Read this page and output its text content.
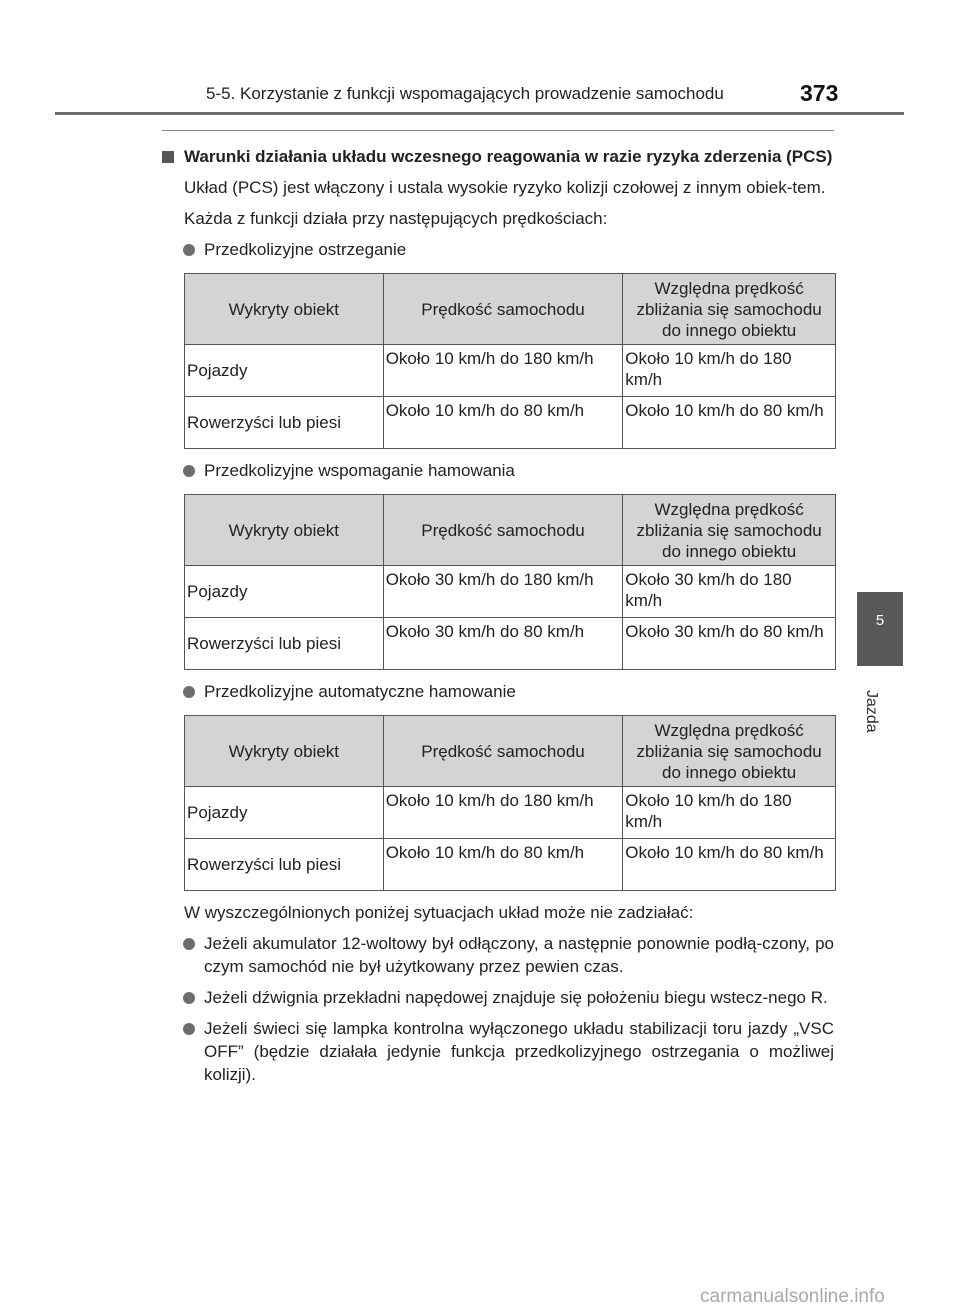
5-5. Korzystanie z funkcji wspomagających prowadzenie samochodu	373
5
Jazda
Warunki działania układu wczesnego reagowania w razie ryzyka zderzenia (PCS)
Układ (PCS) jest włączony i ustala wysokie ryzyko kolizji czołowej z innym obiek-tem.
Każda z funkcji działa przy następujących prędkościach:
Przedkolizyjne ostrzeganie
Wykryty obiekt	Prędkość samochodu	Względna prędkość zbliżania się samochodu do innego obiektu
Pojazdy	Około 10 km/h do 180 km/h	Około 10 km/h do 180 km/h
Rowerzyści lub piesi	Około 10 km/h do 80 km/h	Około 10 km/h do 80 km/h
Przedkolizyjne wspomaganie hamowania
Wykryty obiekt	Prędkość samochodu	Względna prędkość zbliżania się samochodu do innego obiektu
Pojazdy	Około 30 km/h do 180 km/h	Około 30 km/h do 180 km/h
Rowerzyści lub piesi	Około 30 km/h do 80 km/h	Około 30 km/h do 80 km/h
Przedkolizyjne automatyczne hamowanie
Wykryty obiekt	Prędkość samochodu	Względna prędkość zbliżania się samochodu do innego obiektu
Pojazdy	Około 10 km/h do 180 km/h	Około 10 km/h do 180 km/h
Rowerzyści lub piesi	Około 10 km/h do 80 km/h	Około 10 km/h do 80 km/h
W wyszczególnionych poniżej sytuacjach układ może nie zadziałać:
Jeżeli akumulator 12-woltowy był odłączony, a następnie ponownie podłą-czony, po czym samochód nie był użytkowany przez pewien czas.
Jeżeli dźwignia przekładni napędowej znajduje się położeniu biegu wstecz-nego R.
Jeżeli świeci się lampka kontrolna wyłączonego układu stabilizacji toru jazdy „VSC OFF” (będzie działała jedynie funkcja przedkolizyjnego ostrzegania o możliwej kolizji).
carmanualsonline.info
